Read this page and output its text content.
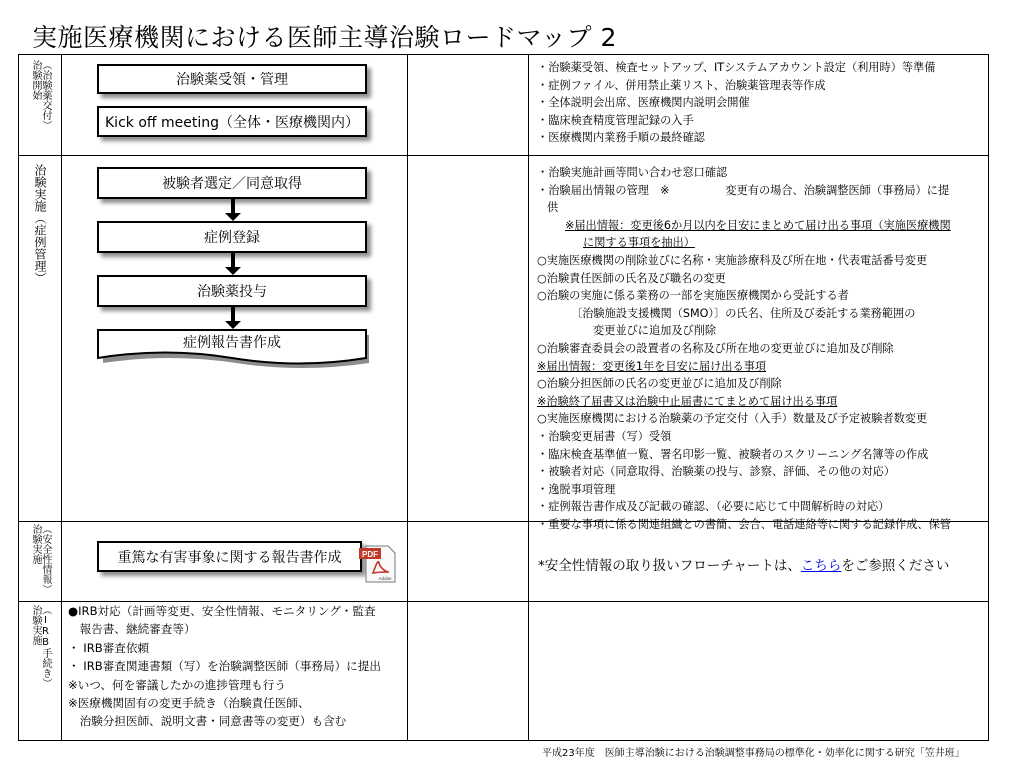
実施医療機関における医師主導治験ロードマップ 2
治験開始（治験薬交付）
治験実施（症例管理）
治験実施（安全性情報）
治験実施（IRB手続き）
治験薬受領・管理
Kick off meeting（全体・医療機関内）
被験者選定／同意取得
症例登録
治験薬投与
症例報告書作成
重篤な有害事象に関する報告書作成	PDF
Adobe
・治験薬受領、検査セットアップ、ITシステムアカウント設定（利用時）等準備
・症例ファイル、併用禁止薬リスト、治験薬管理表等作成
・全体説明会出席、医療機関内説明会開催
・臨床検査精度管理記録の入手
・医療機関内業務手順の最終確認
・治験実施計画等問い合わせ窓口確認
・治験届出情報の管理　※　　　　　変更有の場合、治験調整医師（事務局）に提
供
※届出情報：変更後6か月以内を目安にまとめて届け出る事項（実施医療機関
に関する事項を抽出）
○実施医療機関の削除並びに名称・実施診療科及び所在地・代表電話番号変更
○治験責任医師の氏名及び職名の変更
○治験の実施に係る業務の一部を実施医療機関から受託する者
〔治験施設支援機関（SMO）〕の氏名、住所及び委託する業務範囲の
変更並びに追加及び削除
○治験審査委員会の設置者の名称及び所在地の変更並びに追加及び削除
※届出情報：変更後1年を目安に届け出る事項
○治験分担医師の氏名の変更並びに追加及び削除
※治験終了届書又は治験中止届書にてまとめて届け出る事項
○実施医療機関における治験薬の予定交付（入手）数量及び予定被験者数変更
・治験変更届書（写）受領
・臨床検査基準値一覧、署名印影一覧、被験者のスクリーニング名簿等の作成
・被験者対応（同意取得、治験薬の投与、診察、評価、その他の対応）
・逸脱事項管理
・症例報告書作成及び記載の確認、（必要に応じて中間解析時の対応）
・重要な事項に係る関連組織との書簡、会合、電話連絡等に関する記録作成、保管
*安全性情報の取り扱いフローチャートは、こちらをご参照ください
●IRB対応（計画等変更、安全性情報、モニタリング・監査
　報告書、継続審査等）
・ IRB審査依頼
・ IRB審査関連書類（写）を治験調整医師（事務局）に提出
※いつ、何を審議したかの進捗管理も行う
※医療機関固有の変更手続き（治験責任医師、
　治験分担医師、説明文書・同意書等の変更）も含む
平成23年度　医師主導治験における治験調整事務局の標準化・効率化に関する研究「笠井班」
